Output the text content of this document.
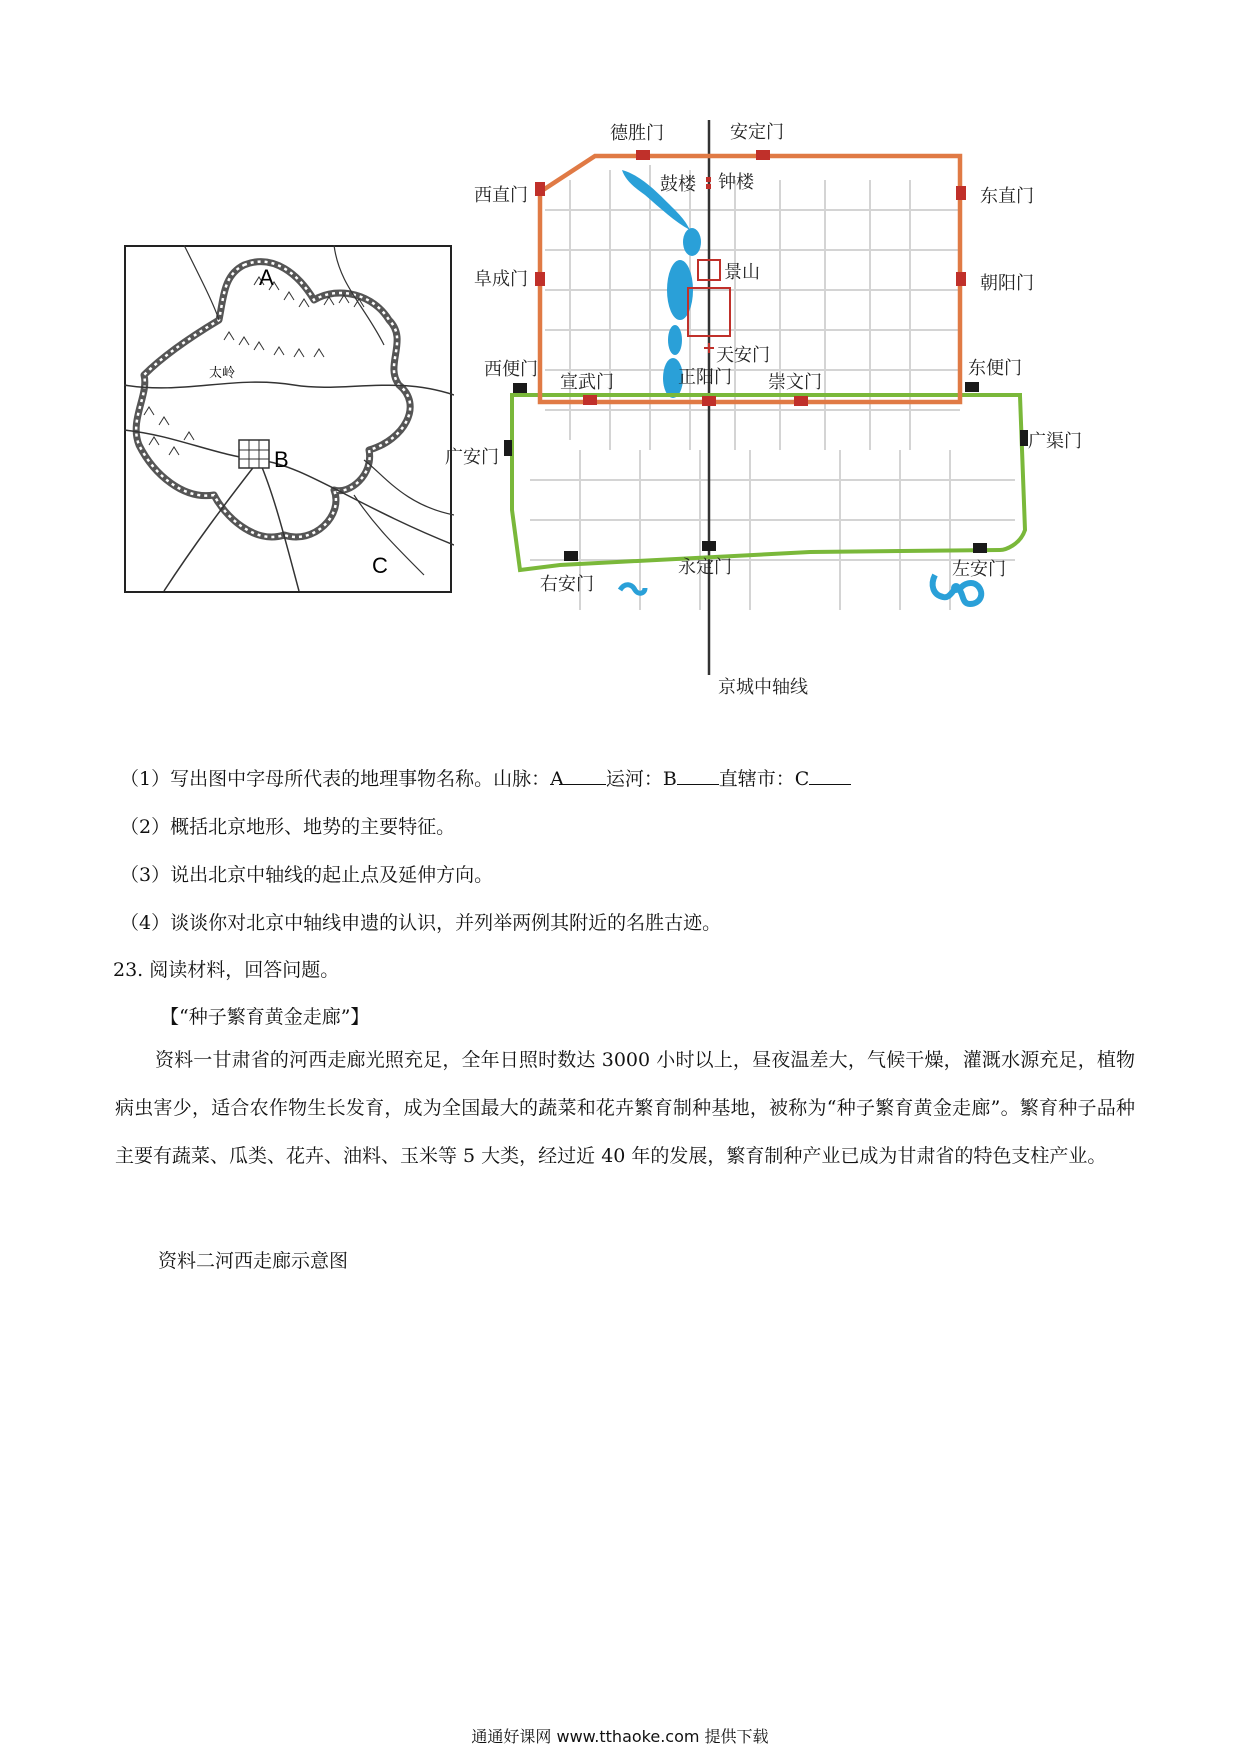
A
B
C
太岭
德胜门	安定门
西直门	东直门
阜成门	朝阳门
西便门	东便门
宣武门	正阳门 崇文门
广安门
广渠门
右安门
永定门	左安门
鼓楼 钟楼
景山
天安门
京城中轴线
（1）写出图中字母所代表的地理事物名称。山脉：A 运河：B 直辖市：C
（2）概括北京地形、地势的主要特征。
（3）说出北京中轴线的起止点及延伸方向。
（4）谈谈你对北京中轴线申遗的认识，并列举两例其附近的名胜古迹。
23. 阅读材料，回答问题。
【“种子繁育黄金走廊”】
资料一甘肃省的河西走廊光照充足，全年日照时数达 3000 小时以上，昼夜温差大，气候干燥，灌溉水源充足，植物病虫害少，适合农作物生长发育，成为全国最大的蔬菜和花卉繁育制种基地，被称为“种子繁育黄金走廊”。繁育种子品种主要有蔬菜、瓜类、花卉、油料、玉米等 5 大类，经过近 40 年的发展，繁育制种产业已成为甘肃省的特色支柱产业。
资料二河西走廊示意图
通通好课网 www.tthaoke.com 提供下载
